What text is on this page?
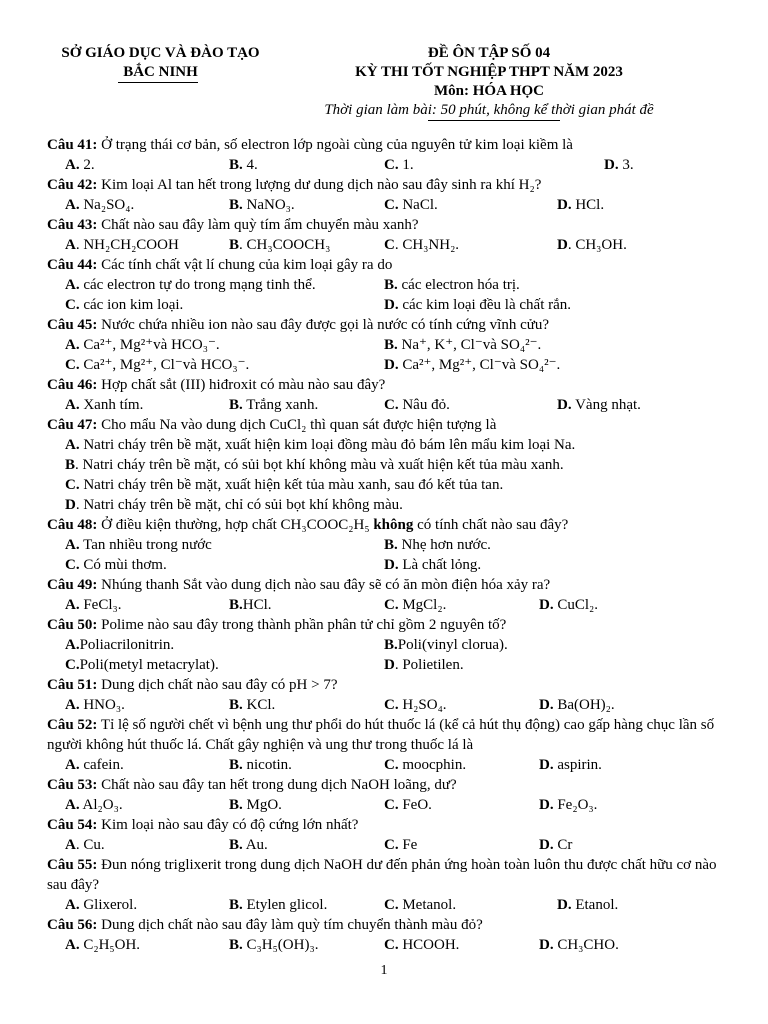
SỞ GIÁO DỤC VÀ ĐÀO TẠO
BẮC NINH
ĐỀ ÔN TẬP SỐ 04
KỲ THI TỐT NGHIỆP THPT NĂM 2023
Môn: HÓA HỌC
Thời gian làm bài: 50 phút, không kể thời gian phát đề
Câu 41: Ở trạng thái cơ bản, số electron lớp ngoài cùng của nguyên tử kim loại kiềm là
A. 2.	B. 4.	C. 1.	D. 3.
Câu 42: Kim loại Al tan hết trong lượng dư dung dịch nào sau đây sinh ra khí H₂?
A. Na₂SO₄.	B. NaNO₃.	C. NaCl.	D. HCl.
Câu 43: Chất nào sau đây làm quỳ tím ẩm chuyển màu xanh?
A. NH₂CH₂COOH	B. CH₃COOCH₃	C. CH₃NH₂.	D. CH₃OH.
Câu 44: Các tính chất vật lí chung của kim loại gây ra do
A. các electron tự do trong mạng tinh thể.	B. các electron hóa trị.
C. các ion kim loại.	D. các kim loại đều là chất rắn.
Câu 45: Nước chứa nhiều ion nào sau đây được gọi là nước có tính cứng vĩnh cửu?
A. Ca²⁺, Mg²⁺và HCO₃⁻.	B. Na⁺, K⁺, Cl⁻và SO₄²⁻.
C. Ca²⁺, Mg²⁺, Cl⁻và HCO₃⁻.	D. Ca²⁺, Mg²⁺, Cl⁻và SO₄²⁻.
Câu 46: Hợp chất sắt (III) hiđroxit có màu nào sau đây?
A. Xanh tím.	B. Trắng xanh.	C. Nâu đỏ.	D. Vàng nhạt.
Câu 47: Cho mẩu Na vào dung dịch CuCl₂ thì quan sát được hiện tượng là
A. Natri cháy trên bề mặt, xuất hiện kim loại đồng màu đỏ bám lên mẩu kim loại Na.
B. Natri cháy trên bề mặt, có sủi bọt khí không màu và xuất hiện kết tủa màu xanh.
C. Natri cháy trên bề mặt, xuất hiện kết tủa màu xanh, sau đó kết tủa tan.
D. Natri cháy trên bề mặt, chỉ có sủi bọt khí không màu.
Câu 48: Ở điều kiện thường, hợp chất CH₃COOC₂H₅ không có tính chất nào sau đây?
A. Tan nhiều trong nước	B. Nhẹ hơn nước.
C. Có mùi thơm.	D. Là chất lỏng.
Câu 49: Nhúng thanh Sắt vào dung dịch nào sau đây sẽ có ăn mòn điện hóa xảy ra?
A. FeCl₃.	B.HCl.	C. MgCl₂.	D. CuCl₂.
Câu 50: Polime nào sau đây trong thành phần phân tử chỉ gồm 2 nguyên tố?
A.Poliacrilonitrin.	B.Poli(vinyl clorua).
C.Poli(metyl metacrylat).	D. Polietilen.
Câu 51: Dung dịch chất nào sau đây có pH > 7?
A. HNO₃.	B. KCl.	C. H₂SO₄.	D. Ba(OH)₂.
Câu 52: Tỉ lệ số người chết vì bệnh ung thư phổi do hút thuốc lá (kể cả hút thụ động) cao gấp hàng chục lần số người không hút thuốc lá. Chất gây nghiện và ung thư trong thuốc lá là
A. cafein.	B. nicotin.	C. moocphin.	D. aspirin.
Câu 53: Chất nào sau đây tan hết trong dung dịch NaOH loãng, dư?
A. Al₂O₃.	B. MgO.	C. FeO.	D. Fe₂O₃.
Câu 54: Kim loại nào sau đây có độ cứng lớn nhất?
A. Cu.	B. Au.	C. Fe	D. Cr
Câu 55: Đun nóng triglixerit trong dung dịch NaOH dư đến phản ứng hoàn toàn luôn thu được chất hữu cơ nào sau đây?
A. Glixerol.	B. Etylen glicol.	C. Metanol.	D. Etanol.
Câu 56: Dung dịch chất nào sau đây làm quỳ tím chuyển thành màu đỏ?
A. C₂H₅OH.	B. C₃H₅(OH)₃.	C. HCOOH.	D. CH₃CHO.
1
